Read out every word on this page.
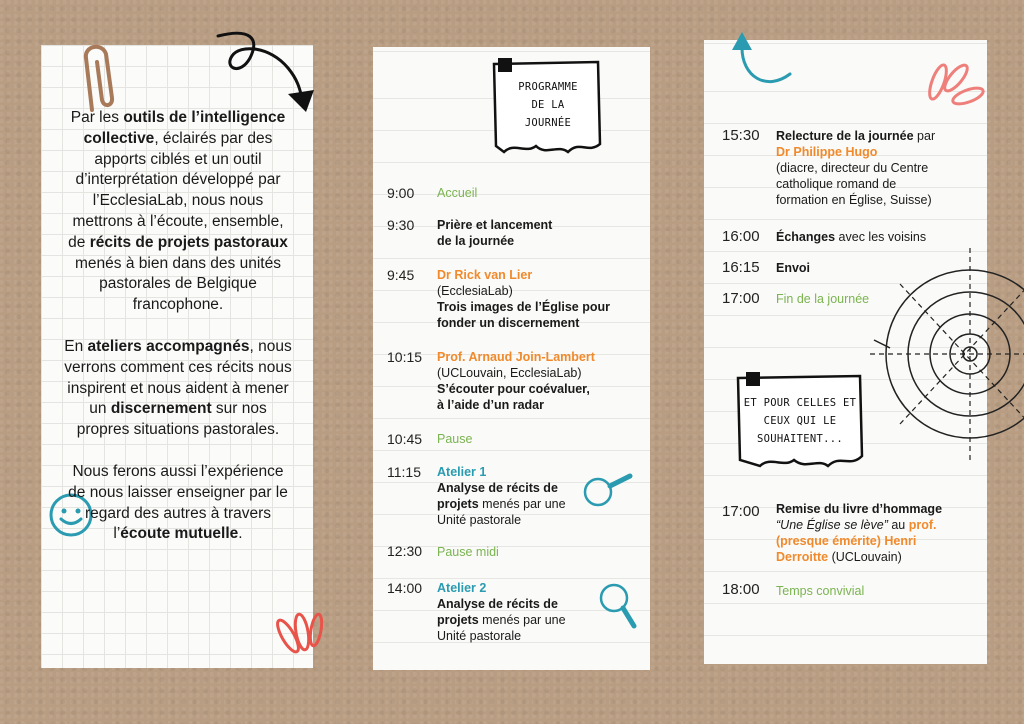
Par les outils de l’intelligence collective, éclairés par des apports ciblés et un outil d’interprétation développé par l’EcclesiaLab, nous nous mettrons à l’écoute, ensemble, de récits de projets pastoraux menés à bien dans des unités pastorales de Belgique francophone.

En ateliers accompagnés, nous verrons comment ces récits nous inspirent et nous aident à mener un discernement sur nos propres situations pastorales.

Nous ferons aussi l’expérience de nous laisser enseigner par le regard des autres à travers l’écoute mutuelle.

PROGRAMME
DE LA
JOURNÉE
9:00 Accueil
9:30 Prière et lancement
de la journée
9:45 Dr Rick van Lier
(EcclesiaLab)
Trois images de l’Église pour
fonder un discernement
10:15 Prof. Arnaud Join-Lambert
(UCLouvain, EcclesiaLab)
S’écouter pour coévaluer,
à l’aide d’un radar
10:45 Pause
11:15 Atelier 1
Analyse de récits de
projets menés par une
Unité pastorale
12:30 Pause midi
14:00 Atelier 2
Analyse de récits de
projets menés par une
Unité pastorale
ET POUR CELLES ET
CEUX QUI LE
SOUHAITENT...
15:30 Relecture de la journée par
Dr Philippe Hugo
(diacre, directeur du Centre
catholique romand de
formation en Église, Suisse)
16:00 Échanges avec les voisins
16:15 Envoi
17:00 Fin de la journée
17:00 Remise du livre d’hommage
“Une Église se lève” au prof.
(presque émérite) Henri
Derroitte (UCLouvain)
18:00 Temps convivial
